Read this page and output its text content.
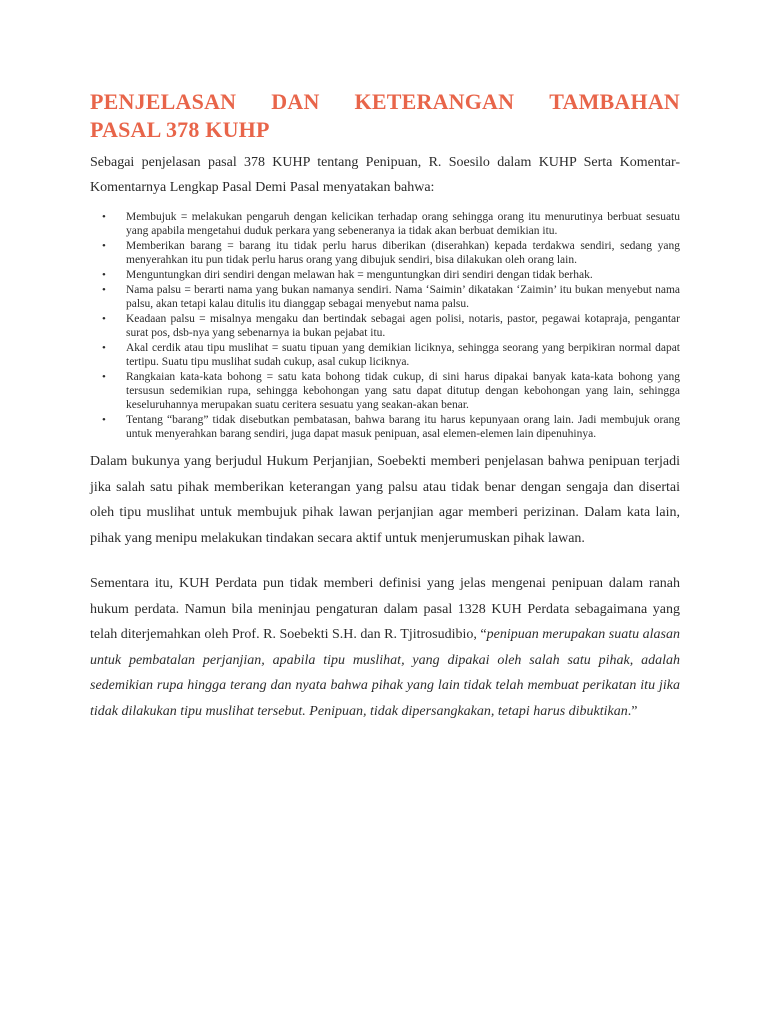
PENJELASAN DAN KETERANGAN TAMBAHAN
PASAL 378 KUHP

Sebagai penjelasan pasal 378 KUHP tentang Penipuan, R. Soesilo dalam KUHP Serta Komentar-Komentarnya Lengkap Pasal Demi Pasal menyatakan bahwa:

• Membujuk = melakukan pengaruh dengan kelicikan terhadap orang sehingga orang itu menurutinya berbuat sesuatu yang apabila mengetahui duduk perkara yang sebeneranya ia tidak akan berbuat demikian itu.
• Memberikan barang = barang itu tidak perlu harus diberikan (diserahkan) kepada terdakwa sendiri, sedang yang menyerahkan itu pun tidak perlu harus orang yang dibujuk sendiri, bisa dilakukan oleh orang lain.
• Menguntungkan diri sendiri dengan melawan hak = menguntungkan diri sendiri dengan tidak berhak.
• Nama palsu = berarti nama yang bukan namanya sendiri. Nama ‘Saimin’ dikatakan ‘Zaimin’ itu bukan menyebut nama palsu, akan tetapi kalau ditulis itu dianggap sebagai menyebut nama palsu.
• Keadaan palsu = misalnya mengaku dan bertindak sebagai agen polisi, notaris, pastor, pegawai kotapraja, pengantar surat pos, dsb-nya yang sebenarnya ia bukan pejabat itu.
• Akal cerdik atau tipu muslihat = suatu tipuan yang demikian liciknya, sehingga seorang yang berpikiran normal dapat tertipu. Suatu tipu muslihat sudah cukup, asal cukup liciknya.
• Rangkaian kata-kata bohong = satu kata bohong tidak cukup, di sini harus dipakai banyak kata-kata bohong yang tersusun sedemikian rupa, sehingga kebohongan yang satu dapat ditutup dengan kebohongan yang lain, sehingga keseluruhannya merupakan suatu ceritera sesuatu yang seakan-akan benar.
• Tentang “barang” tidak disebutkan pembatasan, bahwa barang itu harus kepunyaan orang lain. Jadi membujuk orang untuk menyerahkan barang sendiri, juga dapat masuk penipuan, asal elemen-elemen lain dipenuhinya.

Dalam bukunya yang berjudul Hukum Perjanjian, Soebekti memberi penjelasan bahwa penipuan terjadi jika salah satu pihak memberikan keterangan yang palsu atau tidak benar dengan sengaja dan disertai oleh tipu muslihat untuk membujuk pihak lawan perjanjian agar memberi perizinan. Dalam kata lain, pihak yang menipu melakukan tindakan secara aktif untuk menjerumuskan pihak lawan.

Sementara itu, KUH Perdata pun tidak memberi definisi yang jelas mengenai penipuan dalam ranah hukum perdata. Namun bila meninjau pengaturan dalam pasal 1328 KUH Perdata sebagaimana yang telah diterjemahkan oleh Prof. R. Soebekti S.H. dan R. Tjitrosudibio, “penipuan merupakan suatu alasan untuk pembatalan perjanjian, apabila tipu muslihat, yang dipakai oleh salah satu pihak, adalah sedemikian rupa hingga terang dan nyata bahwa pihak yang lain tidak telah membuat perikatan itu jika tidak dilakukan tipu muslihat tersebut. Penipuan, tidak dipersangkakan, tetapi harus dibuktikan.”
